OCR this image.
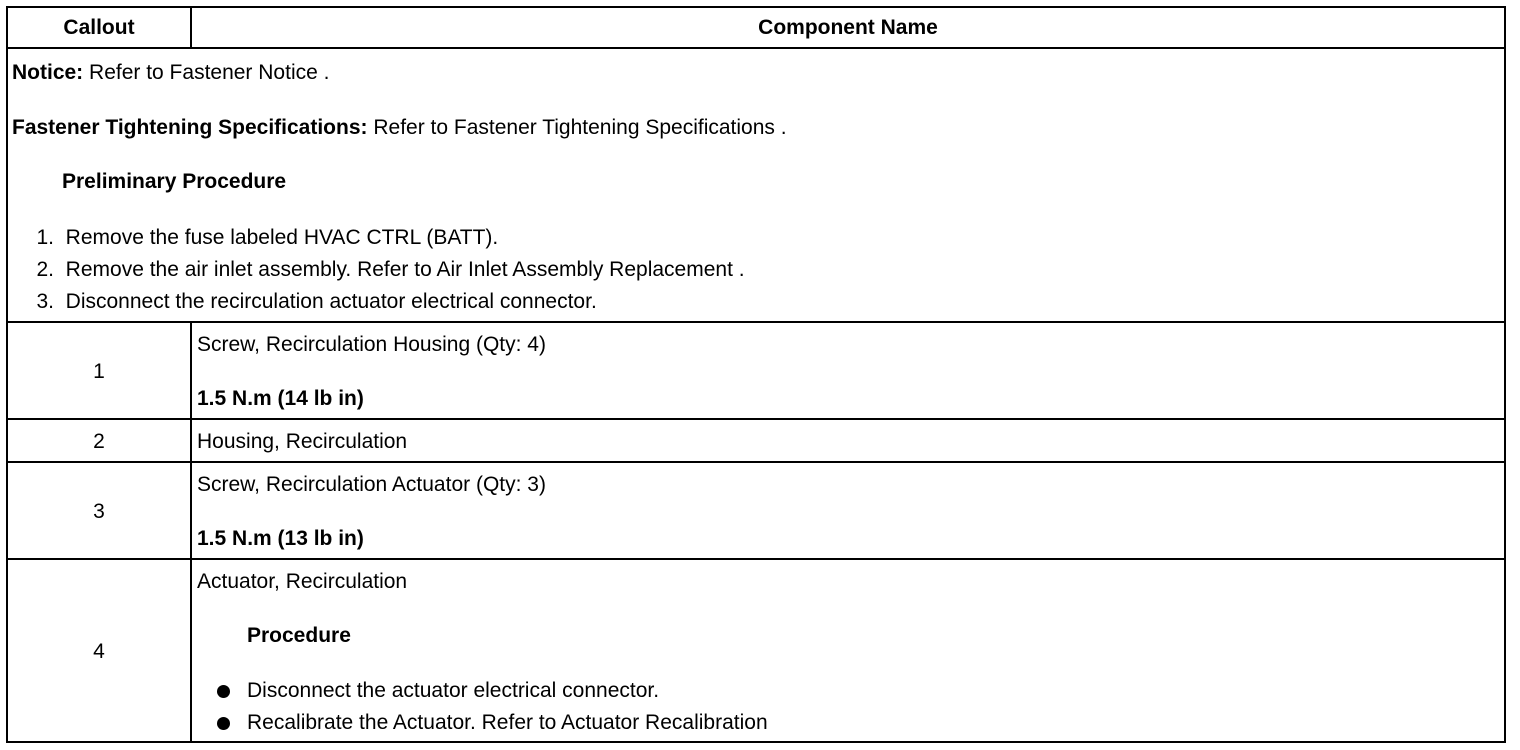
Callout	Component Name
Notice: Refer to Fastener Notice .
Fastener Tightening Specifications: Refer to Fastener Tightening Specifications .
Preliminary Procedure
1. Remove the fuse labeled HVAC CTRL (BATT).
2. Remove the air inlet assembly. Refer to Air Inlet Assembly Replacement .
3. Disconnect the recirculation actuator electrical connector.
1
Screw, Recirculation Housing (Qty: 4)
1.5 N.m (14 lb in)
2	Housing, Recirculation
3
Screw, Recirculation Actuator (Qty: 3)
1.5 N.m (13 lb in)
4
Actuator, Recirculation
Procedure
Disconnect the actuator electrical connector.
Recalibrate the Actuator. Refer to Actuator Recalibration
